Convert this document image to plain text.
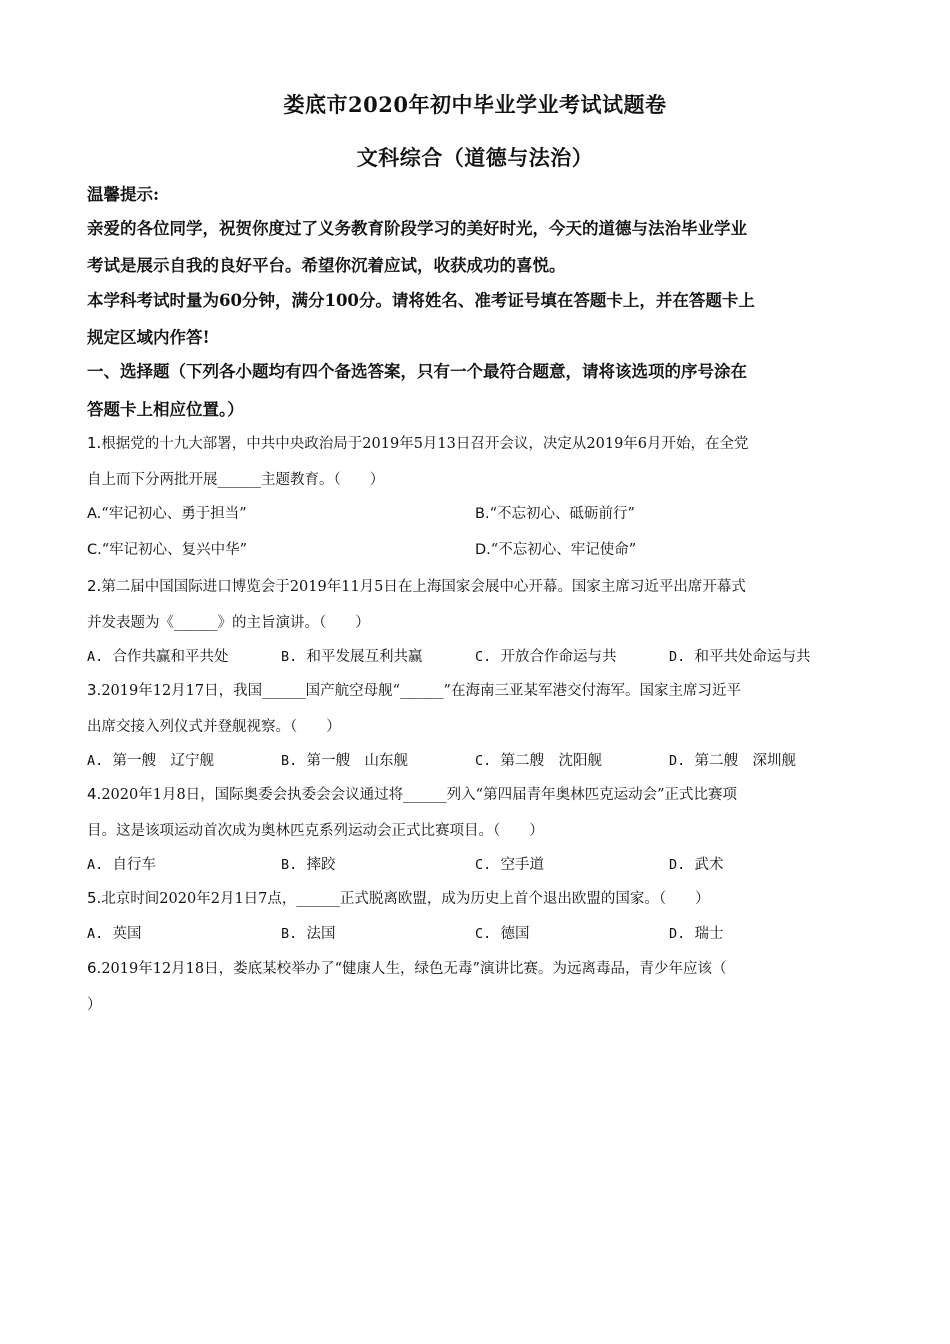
娄底市2020年初中毕业学业考试试题卷
文科综合（道德与法治）
温馨提示:
亲爱的各位同学，祝贺你度过了义务教育阶段学习的美好时光，今天的道德与法治毕业学业
考试是展示自我的良好平台。希望你沉着应试，收获成功的喜悦。
本学科考试时量为60分钟，满分100分。请将姓名、准考证号填在答题卡上，并在答题卡上
规定区域内作答!
一、选择题（下列各小题均有四个备选答案，只有一个最符合题意，请将该选项的序号涂在
答题卡上相应位置。）
1.根据党的十九大部署，中共中央政治局于2019年5月13日召开会议，决定从2019年6月开始，在全党
自上而下分两批开展______主题教育。（　　）
A.“牢记初心、勇于担当”	B.“不忘初心、砥砺前行”
C.“牢记初心、复兴中华”	D.“不忘初心、牢记使命”
2.第二届中国国际进口博览会于2019年11月5日在上海国家会展中心开幕。国家主席习近平出席开幕式
并发表题为《______》的主旨演讲。（　　）
A. 合作共赢和平共处	B. 和平发展互利共赢	C. 开放合作命运与共	D. 和平共处命运与共
3.2019年12月17日，我国______国产航空母舰“______”在海南三亚某军港交付海军。国家主席习近平
出席交接入列仪式并登舰视察。（　　）
A. 第一艘　辽宁舰	B. 第一艘　山东舰	C. 第二艘　沈阳舰	D. 第二艘　深圳舰
4.2020年1月8日，国际奥委会执委会会议通过将______列入“第四届青年奥林匹克运动会”正式比赛项
目。这是该项运动首次成为奥林匹克系列运动会正式比赛项目。（　　）
A. 自行车	B. 摔跤	C. 空手道	D. 武术
5.北京时间2020年2月1日7点，______正式脱离欧盟，成为历史上首个退出欧盟的国家。（　　）
A. 英国	B. 法国	C. 德国	D. 瑞士
6.2019年12月18日，娄底某校举办了“健康人生，绿色无毒”演讲比赛。为远离毒品，青少年应该（
）
